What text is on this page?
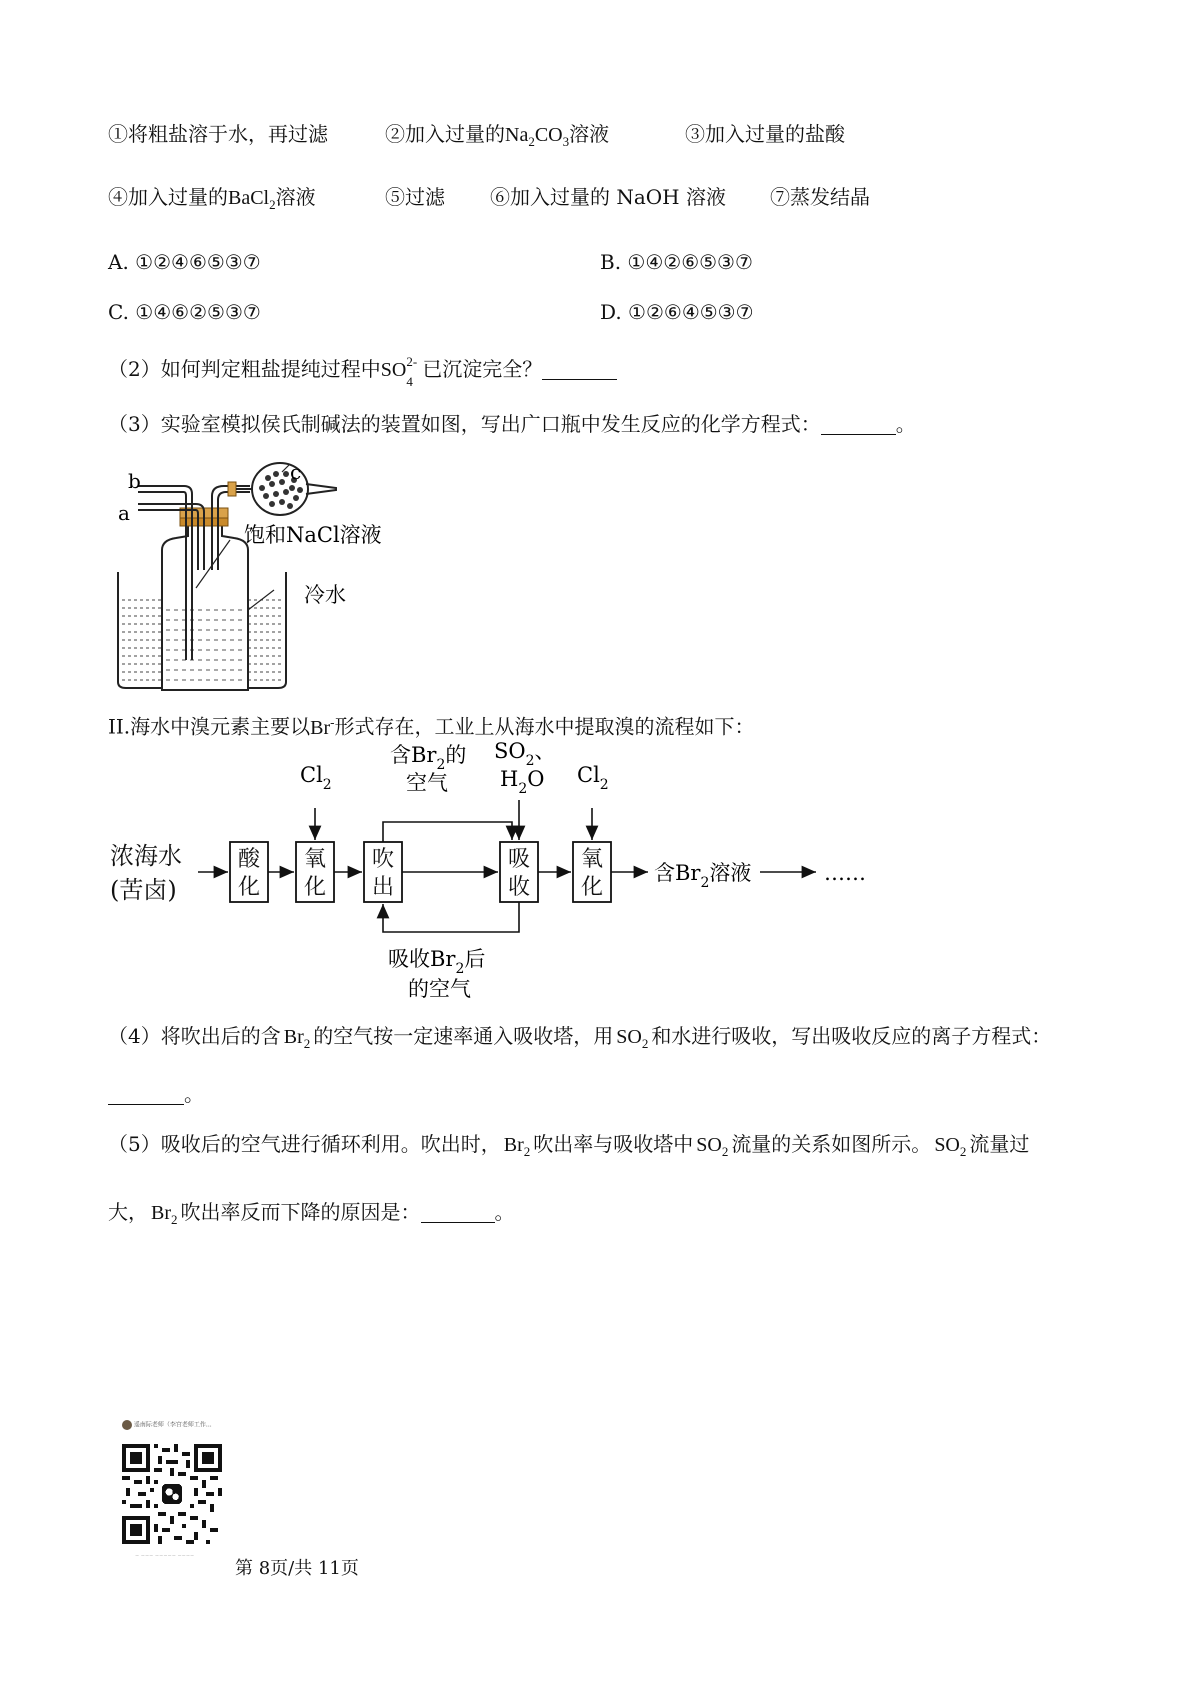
①将粗盐溶于水，再过滤	②加入过量的$Na_2CO_3$溶液	③加入过量的盐酸
④加入过量的BaCl$_2$溶液	⑤过滤 ⑥加入过量的 NaOH 溶液 ⑦蒸发结晶
A. ①②④⑥⑤③⑦	B. ①④②⑥⑤③⑦
C. ①④⑥②⑤③⑦	D. ①②⑥④⑤③⑦
（2）如何判定粗盐提纯过程中SO 2-
4
已沉淀完全？
（3）实验室模拟侯氏制碱法的装置如图，写出广口瓶中发生反应的化学方程式：	。
b
a
c
饱和NaCl溶液
冷水
II.海水中溴元素主要以Br-形式存在，工业上从海水中提取溴的流程如下：
浓海水
(苦卤)
酸
化
氧
化
吹
出
吸
收
氧
化
$Cl_2$	$Cl_2$
含$Br_2$的
空气
$SO_2$、
$H_2O$
含$Br_2$溶液	……
吸收$Br_2$后
的空气
（4）将吹出后的含 $Br_2$ 的空气按一定速率通入吸收塔，用 $SO_2$ 和水进行吸收，写出吸收反应的离子方程式：
。
（5）吸收后的空气进行循环利用。吹出时， $Br_2$ 吹出率与吸收塔中 $SO_2$ 流量的关系如图所示。 $SO_2$ 流量过
大， $Br_2$ 吹出率反而下降的原因是：	。
遥南际老师（李宫老师工作...
~ ~~~ ~~~~~ ~~~~
第 8页/共 11页
